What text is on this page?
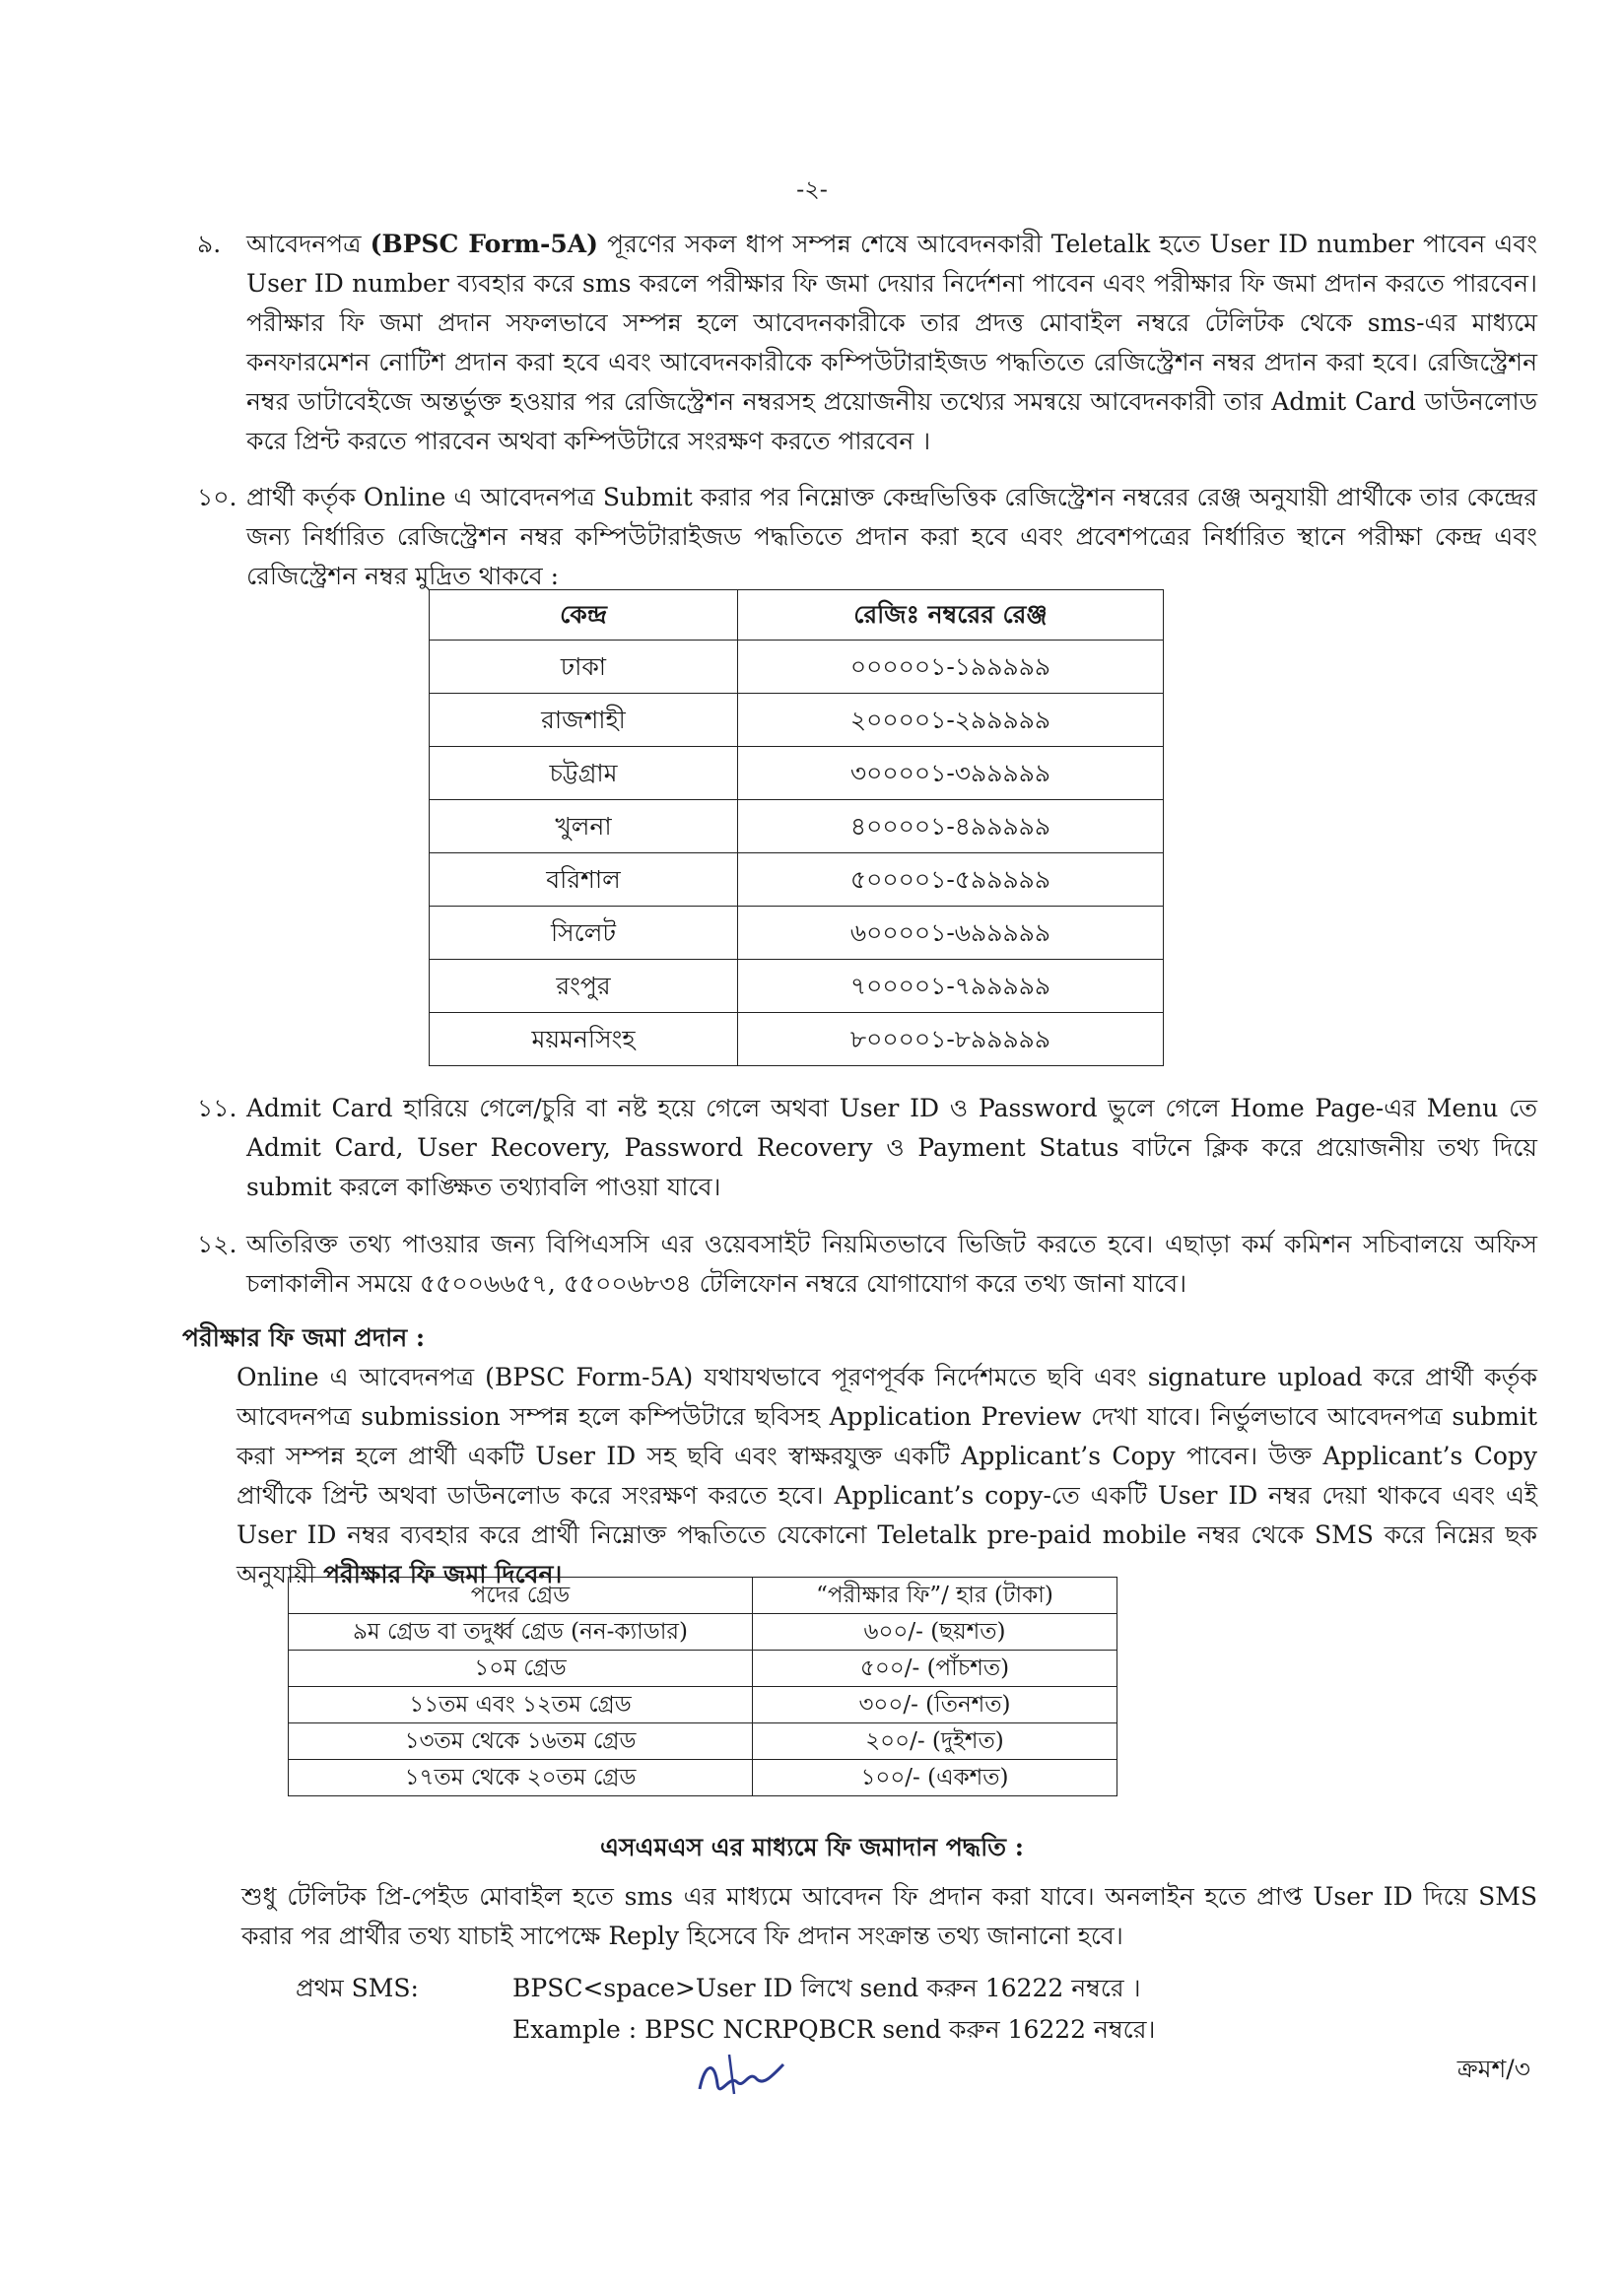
-২-
৯.	আবেদনপত্র (BPSC Form-5A) পূরণের সকল ধাপ সম্পন্ন শেষে আবেদনকারী Teletalk হতে User ID number পাবেন এবং User ID number ব্যবহার করে sms করলে পরীক্ষার ফি জমা দেয়ার নির্দেশনা পাবেন এবং পরীক্ষার ফি জমা প্রদান করতে পারবেন। পরীক্ষার ফি জমা প্রদান সফলভাবে সম্পন্ন হলে আবেদনকারীকে তার প্রদত্ত মোবাইল নম্বরে টেলিটক থেকে sms-এর মাধ্যমে কনফারমেশন নোটিশ প্রদান করা হবে এবং আবেদনকারীকে কম্পিউটারাইজড পদ্ধতিতে রেজিস্ট্রেশন নম্বর প্রদান করা হবে। রেজিস্ট্রেশন নম্বর ডাটাবেইজে অন্তর্ভুক্ত হওয়ার পর রেজিস্ট্রেশন নম্বরসহ প্রয়োজনীয় তথ্যের সমন্বয়ে আবেদনকারী তার Admit Card ডাউনলোড করে প্রিন্ট করতে পারবেন অথবা কম্পিউটারে সংরক্ষণ করতে পারবেন ।
১০. প্রার্থী কর্তৃক Online এ আবেদনপত্র Submit করার পর নিম্নোক্ত কেন্দ্রভিত্তিক রেজিস্ট্রেশন নম্বরের রেঞ্জ অনুযায়ী প্রার্থীকে তার কেন্দ্রের জন্য নির্ধারিত রেজিস্ট্রেশন নম্বর কম্পিউটারাইজড পদ্ধতিতে প্রদান করা হবে এবং প্রবেশপত্রের নির্ধারিত স্থানে পরীক্ষা কেন্দ্র এবং রেজিস্ট্রেশন নম্বর মুদ্রিত থাকবে :
কেন্দ্র	রেজিঃ নম্বরের রেঞ্জ
ঢাকা	০০০০০১-১৯৯৯৯৯
রাজশাহী	২০০০০১-২৯৯৯৯৯
চট্টগ্রাম	৩০০০০১-৩৯৯৯৯৯
খুলনা	৪০০০০১-৪৯৯৯৯৯
বরিশাল	৫০০০০১-৫৯৯৯৯৯
সিলেট	৬০০০০১-৬৯৯৯৯৯
রংপুর	৭০০০০১-৭৯৯৯৯৯
ময়মনসিংহ	৮০০০০১-৮৯৯৯৯৯
১১. Admit Card হারিয়ে গেলে/চুরি বা নষ্ট হয়ে গেলে অথবা User ID ও Password ভুলে গেলে Home Page-এর Menu তে Admit Card, User Recovery, Password Recovery ও Payment Status বাটনে ক্লিক করে প্রয়োজনীয় তথ্য দিয়ে submit করলে কাঙ্ক্ষিত তথ্যাবলি পাওয়া যাবে।
১২. অতিরিক্ত তথ্য পাওয়ার জন্য বিপিএসসি এর ওয়েবসাইট নিয়মিতভাবে ভিজিট করতে হবে। এছাড়া কর্ম কমিশন সচিবালয়ে অফিস চলাকালীন সময়ে ৫৫০০৬৬৫৭, ৫৫০০৬৮৩৪ টেলিফোন নম্বরে যোগাযোগ করে তথ্য জানা যাবে।
পরীক্ষার ফি জমা প্রদান :
Online এ আবেদনপত্র (BPSC Form-5A) যথাযথভাবে পূরণপূর্বক নির্দেশমতে ছবি এবং signature upload করে প্রার্থী কর্তৃক আবেদনপত্র submission সম্পন্ন হলে কম্পিউটারে ছবিসহ Application Preview দেখা যাবে। নির্ভুলভাবে আবেদনপত্র submit করা সম্পন্ন হলে প্রার্থী একটি User ID সহ ছবি এবং স্বাক্ষরযুক্ত একটি Applicant’s Copy পাবেন। উক্ত Applicant’s Copy প্রার্থীকে প্রিন্ট অথবা ডাউনলোড করে সংরক্ষণ করতে হবে। Applicant’s copy-তে একটি User ID নম্বর দেয়া থাকবে এবং এই User ID নম্বর ব্যবহার করে প্রার্থী নিম্নোক্ত পদ্ধতিতে যেকোনো Teletalk pre-paid mobile নম্বর থেকে SMS করে নিম্নের ছক অনুযায়ী পরীক্ষার ফি জমা দিবেন।
পদের গ্রেড	“পরীক্ষার ফি”/ হার (টাকা)
৯ম গ্রেড বা তদুর্ধ্ব গ্রেড (নন-ক্যাডার)	৬০০/- (ছয়শত)
১০ম গ্রেড	৫০০/- (পাঁচশত)
১১তম এবং ১২তম গ্রেড	৩০০/- (তিনশত)
১৩তম থেকে ১৬তম গ্রেড	২০০/- (দুইশত)
১৭তম থেকে ২০তম গ্রেড	১০০/- (একশত)
এসএমএস এর মাধ্যমে ফি জমাদান পদ্ধতি :
শুধু টেলিটক প্রি-পেইড মোবাইল হতে sms এর মাধ্যমে আবেদন ফি প্রদান করা যাবে। অনলাইন হতে প্রাপ্ত User ID দিয়ে SMS করার পর প্রার্থীর তথ্য যাচাই সাপেক্ষে Reply হিসেবে ফি প্রদান সংক্রান্ত তথ্য জানানো হবে।
প্রথম SMS:	BPSC<space>User ID লিখে send করুন 16222 নম্বরে ।
Example : BPSC NCRPQBCR send করুন 16222 নম্বরে।
ক্রমশ/৩
